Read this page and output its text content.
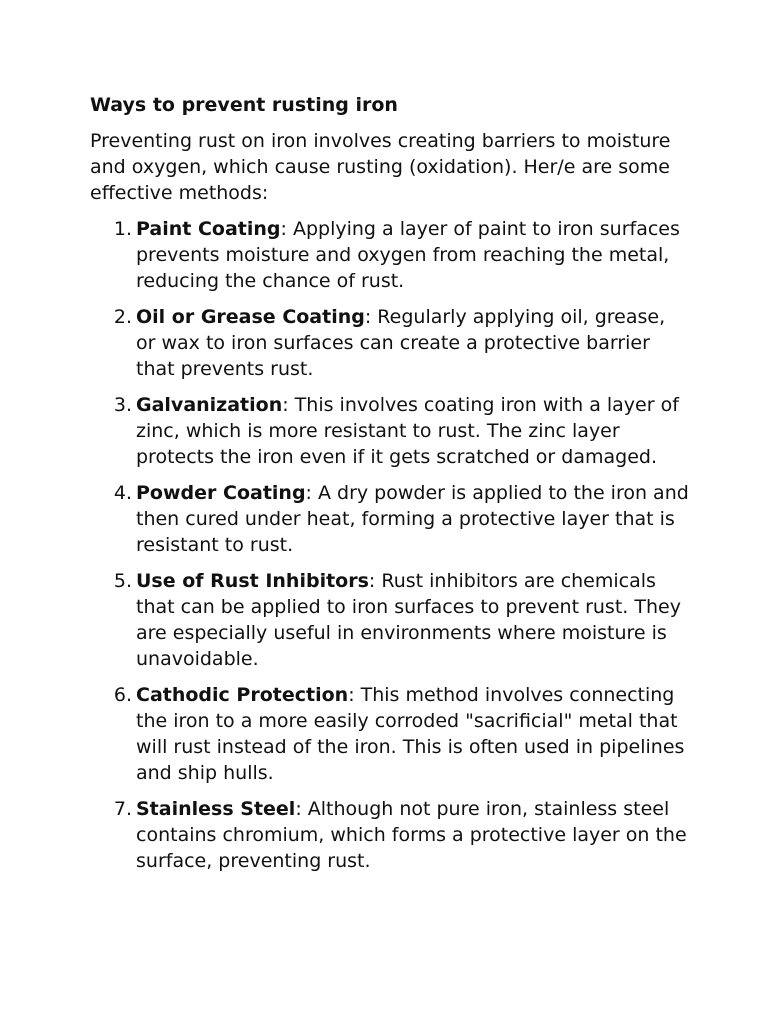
Ways to prevent rusting iron
Preventing rust on iron involves creating barriers to moisture and oxygen, which cause rusting (oxidation). Her/e are some effective methods:
1. Paint Coating: Applying a layer of paint to iron surfaces prevents moisture and oxygen from reaching the metal, reducing the chance of rust.
2. Oil or Grease Coating: Regularly applying oil, grease, or wax to iron surfaces can create a protective barrier that prevents rust.
3. Galvanization: This involves coating iron with a layer of zinc, which is more resistant to rust. The zinc layer protects the iron even if it gets scratched or damaged.
4. Powder Coating: A dry powder is applied to the iron and then cured under heat, forming a protective layer that is resistant to rust.
5. Use of Rust Inhibitors: Rust inhibitors are chemicals that can be applied to iron surfaces to prevent rust. They are especially useful in environments where moisture is unavoidable.
6. Cathodic Protection: This method involves connecting the iron to a more easily corroded "sacrificial" metal that will rust instead of the iron. This is often used in pipelines and ship hulls.
7. Stainless Steel: Although not pure iron, stainless steel contains chromium, which forms a protective layer on the surface, preventing rust.
